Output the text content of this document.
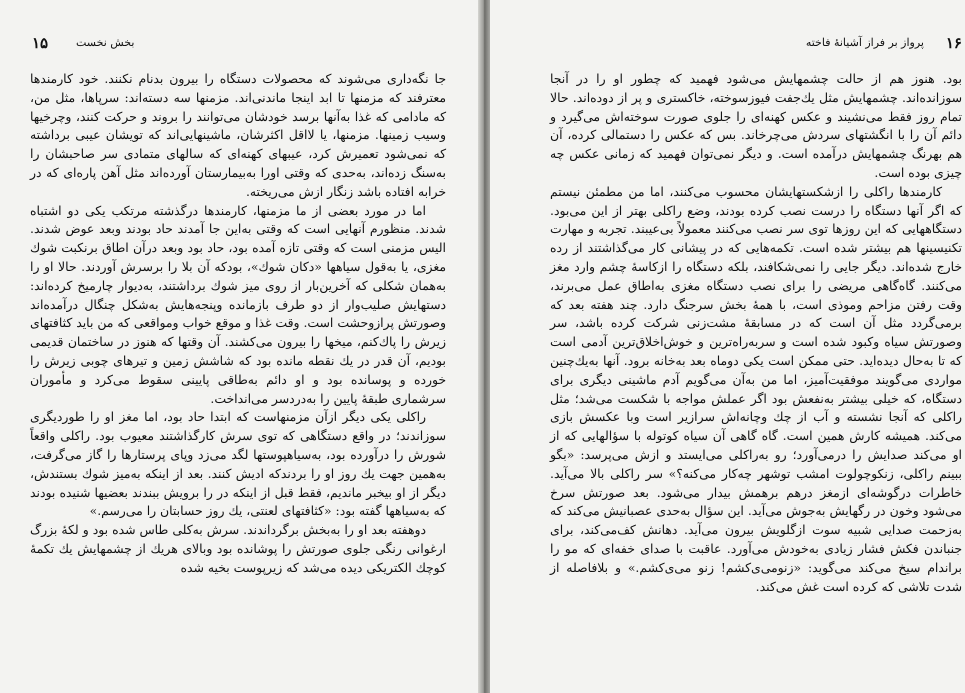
۱۵	بخش نخست

جا نگه‌داری می‌شوند که محصولات دستگاه را بیرون بدنام نکنند. خود کارمندها معترفند که مزمنها تا ابد اینجا ماندنی‌اند. مزمنها سه دسته‌اند: سرپاها، مثل من، که مادامی که غذا به‌آنها برسد خودشان می‌توانند را بروند و حرکت کنند، وچرخیها وسیب زمینها. مزمنها، یا لااقل اکثرشان، ماشینهایی‌اند که تویشان عیبی برداشته که نمی‌شود تعمیرش کرد، عیبهای کهنه‌ای که سالهای متمادی سر صاحبشان را به‌سنگ زده‌اند، به‌حدی که وقتی اورا به‌بیمارستان آورده‌اند مثل آهن پاره‌ای که در خرابه افتاده باشد زنگار ازش می‌ریخته.

اما در مورد بعضی از ما مزمنها، کارمندها درگذشته مرتکب یکی دو اشتباه شدند. منظورم آنهایی است که وقتی به‌این جا آمدند حاد بودند وبعد عوض شدند. الیس مزمنی است که وقتی تازه آمده بود، حاد بود وبعد درآن اطاق برنکبت شوك مغزی، یا به‌قول سیاهها «دکان شوك»، بودکه آن بلا را برسرش آوردند. حالا او را به‌همان شکلی که آخرین‌بار از روی میز شوك برداشتند، به‌دیوار چارمیخ کرده‌اند: دستهایش صلیب‌وار از دو طرف بازمانده وپنجه‌هایش به‌شکل چنگال درآمده‌اند وصورتش پرازوحشت است. وقت غذا و موقع خواب ومواقعی که من باید کثافتهای زیرش را پاك‌کنم، میخها را بیرون می‌کشند. آن وقتها که هنوز در ساختمان قدیمی بودیم، آن قدر در یك نقطه مانده بود که شاشش زمین و تیرهای چوبی زیرش را خورده و پوسانده بود و او دائم به‌طاقی پایینی سقوط می‌کرد و مأموران سرشماری طبقهٔ پایین را به‌دردسر می‌انداخت.

راکلی یکی دیگر ازآن مزمنهاست که ابتدا حاد بود، اما مغز او را طوردیگری سوزاندند؛ در واقع دستگاهی که توی سرش کارگذاشتند معیوب بود. راکلی واقعاً شورش را درآورده بود، به‌سیاهپوستها لگد می‌زد وپای پرستارها را گاز می‌گرفت، به‌همین جهت یك روز او را بردندکه ادیش کنند. بعد از اینکه به‌میز شوك بستندش، دیگر از او بیخبر ماندیم، فقط قبل از اینکه در را برویش ببندند بعضیها شنیده بودند که به‌سیاهها گفته بود: «کثافتهای لعنتی، یك روز حسابتان را می‌رسم.»

دوهفته بعد او را به‌بخش برگرداندند. سرش به‌کلی طاس شده بود و لکهٔ بزرگ ارغوانی رنگی جلوی صورتش را پوشانده بود وبالای هریك از چشمهایش یك تکمهٔ کوچك الکتریکی دیده می‌شد که زیرپوست بخیه شده

۱۶
پرواز بر فراز آشیانهٔ فاخته

بود. هنوز هم از حالت چشمهایش می‌شود فهمید که چطور او را در آنجا سوزانده‌اند. چشمهایش مثل یك‌جفت فیوز‌سوخته، خاکستری و پر از دوده‌اند. حالا تمام روز فقط می‌نشیند و عکس کهنه‌ای را جلوی صورت سوخته‌اش می‌گیرد و دائم آن را با انگشتهای سردش می‌چرخاند. بس که عکس را دستمالی کرده، آن هم بهرنگ چشمهایش درآمده است. و دیگر نمی‌توان فهمید که زمانی عکس چه چیزی بوده است.

کارمندها راکلی را ازشکستهایشان محسوب می‌کنند، اما من مطمئن نیستم که اگر آنها دستگاه را درست نصب کرده بودند، وضع راکلی بهتر از این می‌بود. دستگاههایی که این روزها توی سر نصب می‌کنند معمولاً بی‌عیبند. تجربه و مهارت تکنیسینها هم بیشتر شده است. تکمه‌هایی که در پیشانی کار می‌گذاشتند از رده خارج شده‌اند. دیگر جایی را نمی‌شکافند، بلکه دستگاه را ازکاسهٔ چشم وارد مغز می‌کنند. گاه‌گاهی مریضی را برای نصب دستگاه مغزی به‌اطاق عمل می‌برند، وقت رفتن مزاحم وموذی است، با همهٔ بخش سرجنگ دارد. چند هفته بعد که برمی‌گردد مثل آن است که در مسابقهٔ مشت‌زنی شرکت کرده باشد، سر وصورتش سیاه وکبود شده است و سربه‌راه‌ترین و خوش‌اخلاق‌ترین آدمی است که تا به‌حال دیده‌اید. حتی ممکن است یکی دوماه بعد به‌خانه برود. آنها به‌یك‌چنین مواردی می‌گویند موفقیت‌آمیز، اما من به‌آن می‌گویم آدم ماشینی دیگری برای دستگاه، که خیلی بیشتر به‌نفعش بود اگر عملش مواجه با شکست می‌شد؛ مثل راکلی که آنجا نشسته و آب از چك وچانه‌اش سرازیر است وبا عکسش بازی می‌کند. همیشه کارش همین است. گاه گاهی آن سیاه کوتوله با سؤالهایی که از او می‌کند صدایش را درمی‌آورد؛ رو به‌راکلی می‌ایستد و ازش می‌پرسد: «بگو ببینم راکلی، زنکوچولوت امشب توشهر چه‌کار می‌کنه؟» سر راکلی بالا می‌آید. خاطرات درگوشه‌ای ازمغز درهم برهمش بیدار می‌شود. بعد صورتش سرخ می‌شود وخون در رگهایش به‌جوش می‌آید. این سؤال به‌حدی عصبانیش می‌کند که به‌زحمت صدایی شبیه سوت ازگلویش بیرون می‌آید. دهانش کف‌می‌کند، برای جنباندن فکش فشار زیادی به‌خودش می‌آورد. عاقبت با صدای خفه‌ای که مو را براندام سیخ می‌کند می‌گوید: «زنومی‌ی‌کشم! زنو می‌ی‌کشم.» و بلافاصله از شدت تلاشی که کرده است غش می‌کند.
